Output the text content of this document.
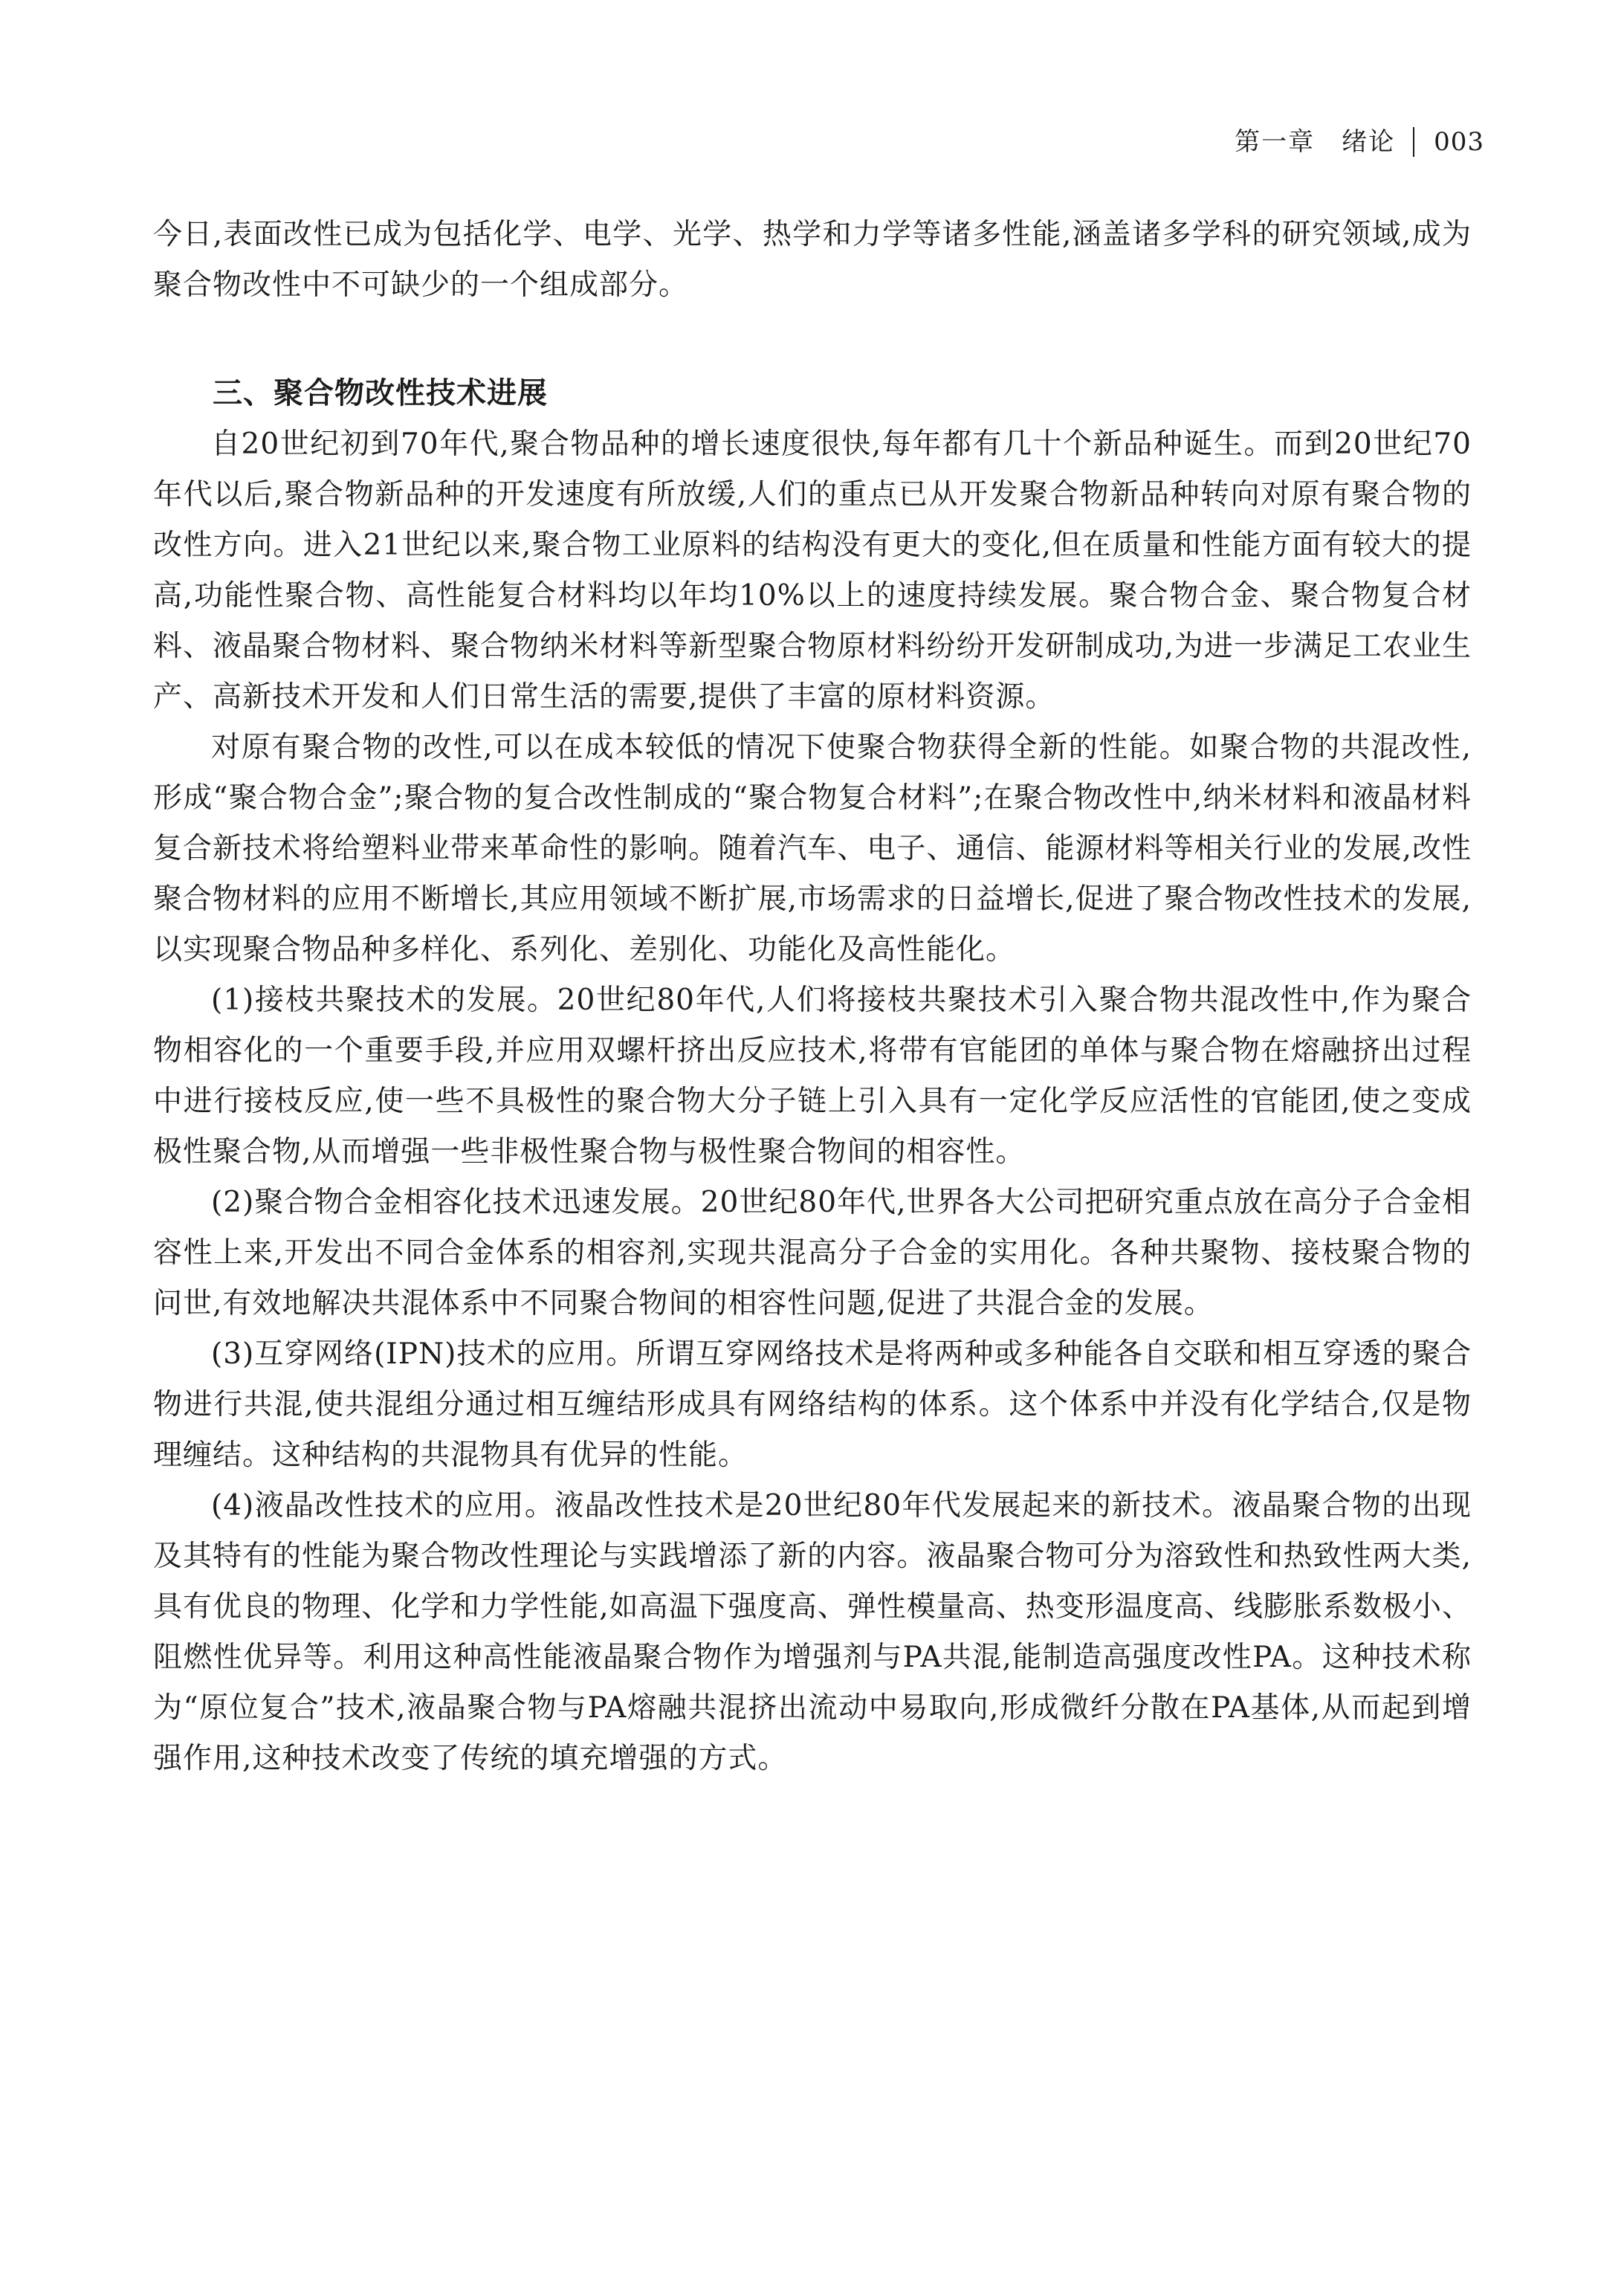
第一章　绪论 003

今日,表面改性已成为包括化学、电学、光学、热学和力学等诸多性能,涵盖诸多学科的研究领域,成为聚合物改性中不可缺少的一个组成部分。

三、聚合物改性技术进展

自20世纪初到70年代,聚合物品种的增长速度很快,每年都有几十个新品种诞生。而到20世纪70年代以后,聚合物新品种的开发速度有所放缓,人们的重点已从开发聚合物新品种转向对原有聚合物的改性方向。进入21世纪以来,聚合物工业原料的结构没有更大的变化,但在质量和性能方面有较大的提高,功能性聚合物、高性能复合材料均以年均10%以上的速度持续发展。聚合物合金、聚合物复合材料、液晶聚合物材料、聚合物纳米材料等新型聚合物原材料纷纷开发研制成功,为进一步满足工农业生产、高新技术开发和人们日常生活的需要,提供了丰富的原材料资源。

对原有聚合物的改性,可以在成本较低的情况下使聚合物获得全新的性能。如聚合物的共混改性,形成“聚合物合金”;聚合物的复合改性制成的“聚合物复合材料”;在聚合物改性中,纳米材料和液晶材料复合新技术将给塑料业带来革命性的影响。随着汽车、电子、通信、能源材料等相关行业的发展,改性聚合物材料的应用不断增长,其应用领域不断扩展,市场需求的日益增长,促进了聚合物改性技术的发展,以实现聚合物品种多样化、系列化、差别化、功能化及高性能化。

(1)接枝共聚技术的发展。20世纪80年代,人们将接枝共聚技术引入聚合物共混改性中,作为聚合物相容化的一个重要手段,并应用双螺杆挤出反应技术,将带有官能团的单体与聚合物在熔融挤出过程中进行接枝反应,使一些不具极性的聚合物大分子链上引入具有一定化学反应活性的官能团,使之变成极性聚合物,从而增强一些非极性聚合物与极性聚合物间的相容性。

(2)聚合物合金相容化技术迅速发展。20世纪80年代,世界各大公司把研究重点放在高分子合金相容性上来,开发出不同合金体系的相容剂,实现共混高分子合金的实用化。各种共聚物、接枝聚合物的问世,有效地解决共混体系中不同聚合物间的相容性问题,促进了共混合金的发展。

(3)互穿网络(IPN)技术的应用。所谓互穿网络技术是将两种或多种能各自交联和相互穿透的聚合物进行共混,使共混组分通过相互缠结形成具有网络结构的体系。这个体系中并没有化学结合,仅是物理缠结。这种结构的共混物具有优异的性能。

(4)液晶改性技术的应用。液晶改性技术是20世纪80年代发展起来的新技术。液晶聚合物的出现及其特有的性能为聚合物改性理论与实践增添了新的内容。液晶聚合物可分为溶致性和热致性两大类,具有优良的物理、化学和力学性能,如高温下强度高、弹性模量高、热变形温度高、线膨胀系数极小、阻燃性优异等。利用这种高性能液晶聚合物作为增强剂与PA共混,能制造高强度改性PA。这种技术称为“原位复合”技术,液晶聚合物与PA熔融共混挤出流动中易取向,形成微纤分散在PA基体,从而起到增强作用,这种技术改变了传统的填充增强的方式。
